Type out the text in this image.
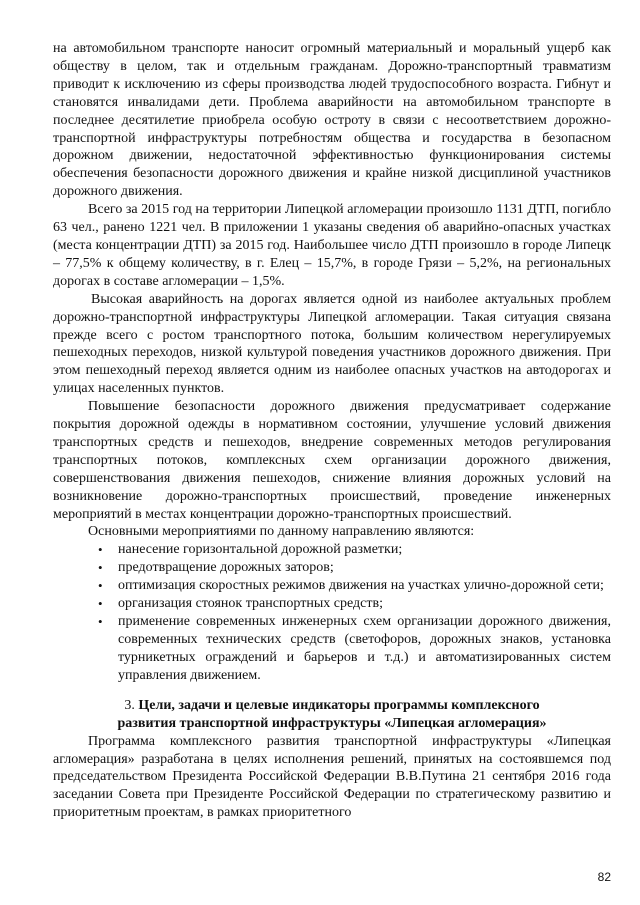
на автомобильном транспорте наносит огромный материальный и моральный ущерб как обществу в целом, так и отдельным гражданам. Дорожно-транспортный травматизм приводит к исключению из сферы производства людей трудоспособного возраста. Гибнут и становятся инвалидами дети. Проблема аварийности на автомобильном транспорте в последнее десятилетие приобрела особую остроту в связи с несоответствием дорожно-транспортной инфраструктуры потребностям общества и государства в безопасном дорожном движении, недостаточной эффективностью функционирования системы обеспечения безопасности дорожного движения и крайне низкой дисциплиной участников дорожного движения.

Всего за 2015 год на территории Липецкой агломерации произошло 1131 ДТП, погибло 63 чел., ранено 1221 чел. В приложении 1 указаны сведения об аварийно-опасных участках (места концентрации ДТП) за 2015 год. Наибольшее число ДТП произошло в городе Липецк – 77,5% к общему количеству, в г. Елец – 15,7%, в городе Грязи – 5,2%, на региональных дорогах в составе агломерации – 1,5%.

Высокая аварийность на дорогах является одной из наиболее актуальных проблем дорожно-транспортной инфраструктуры Липецкой агломерации. Такая ситуация связана прежде всего с ростом транспортного потока, большим количеством нерегулируемых пешеходных переходов, низкой культурой поведения участников дорожного движения. При этом пешеходный переход является одним из наиболее опасных участков на автодорогах и улицах населенных пунктов.

Повышение безопасности дорожного движения предусматривает содержание покрытия дорожной одежды в нормативном состоянии, улучшение условий движения транспортных средств и пешеходов, внедрение современных методов регулирования транспортных потоков, комплексных схем организации дорожного движения, совершенствования движения пешеходов, снижение влияния дорожных условий на возникновение дорожно-транспортных происшествий, проведение инженерных мероприятий в местах концентрации дорожно-транспортных происшествий.

Основными мероприятиями по данному направлению являются:

• нанесение горизонтальной дорожной разметки;
• предотвращение дорожных заторов;
• оптимизация скоростных режимов движения на участках улично-дорожной сети;
• организация стоянок транспортных средств;
• применение современных инженерных схем организации дорожного движения, современных технических средств (светофоров, дорожных знаков, установка турникетных ограждений и барьеров и т.д.) и автоматизированных систем управления движением.
3. Цели, задачи и целевые индикаторы программы комплексного
развития транспортной инфраструктуры «Липецкая агломерация»

Программа комплексного развития транспортной инфраструктуры «Липецкая агломерация» разработана в целях исполнения решений, принятых на состоявшемся под председательством Президента Российской Федерации В.В.Путина 21 сентября 2016 года заседании Совета при Президенте Российской Федерации по стратегическому развитию и приоритетным проектам, в рамках приоритетного

82
